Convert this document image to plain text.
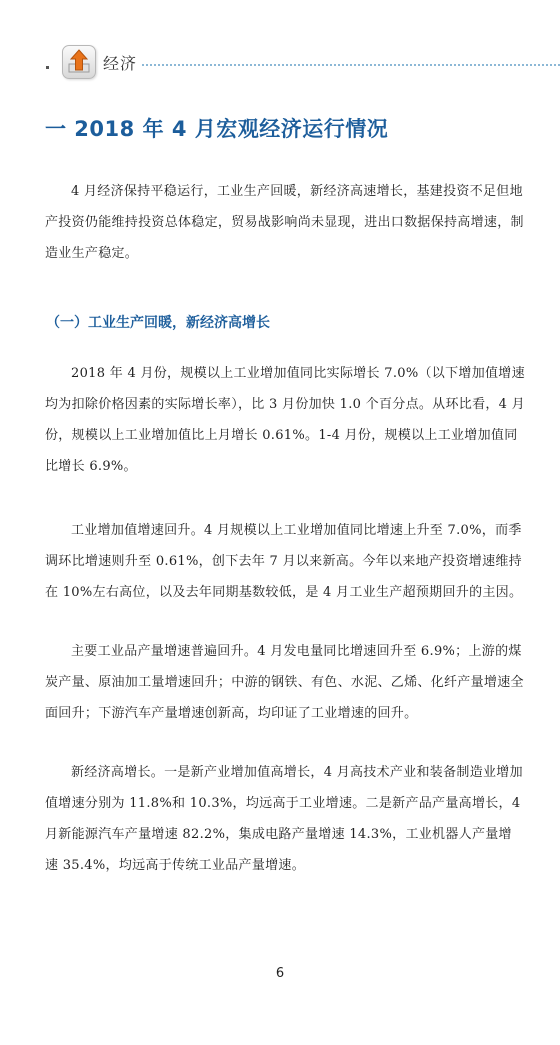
经济
一 2018 年 4 月宏观经济运行情况

4 月经济保持平稳运行，工业生产回暖，新经济高速增长，基建投资不足但地产投资仍能维持投资总体稳定，贸易战影响尚未显现，进出口数据保持高增速，制造业生产稳定。

（一）工业生产回暖，新经济高增长

2018 年 4 月份，规模以上工业增加值同比实际增长 7.0%（以下增加值增速均为扣除价格因素的实际增长率），比 3 月份加快 1.0 个百分点。从环比看，4 月份，规模以上工业增加值比上月增长 0.61%。1-4 月份，规模以上工业增加值同比增长 6.9%。

工业增加值增速回升。4 月规模以上工业增加值同比增速上升至 7.0%，而季调环比增速则升至 0.61%，创下去年 7 月以来新高。今年以来地产投资增速维持在 10%左右高位，以及去年同期基数较低，是 4 月工业生产超预期回升的主因。

主要工业品产量增速普遍回升。4 月发电量同比增速回升至 6.9%；上游的煤炭产量、原油加工量增速回升；中游的钢铁、有色、水泥、乙烯、化纤产量增速全面回升；下游汽车产量增速创新高，均印证了工业增速的回升。

新经济高增长。一是新产业增加值高增长，4 月高技术产业和装备制造业增加值增速分别为 11.8%和 10.3%，均远高于工业增速。二是新产品产量高增长，4 月新能源汽车产量增速 82.2%，集成电路产量增速 14.3%，工业机器人产量增速 35.4%，均远高于传统工业品产量增速。

6
